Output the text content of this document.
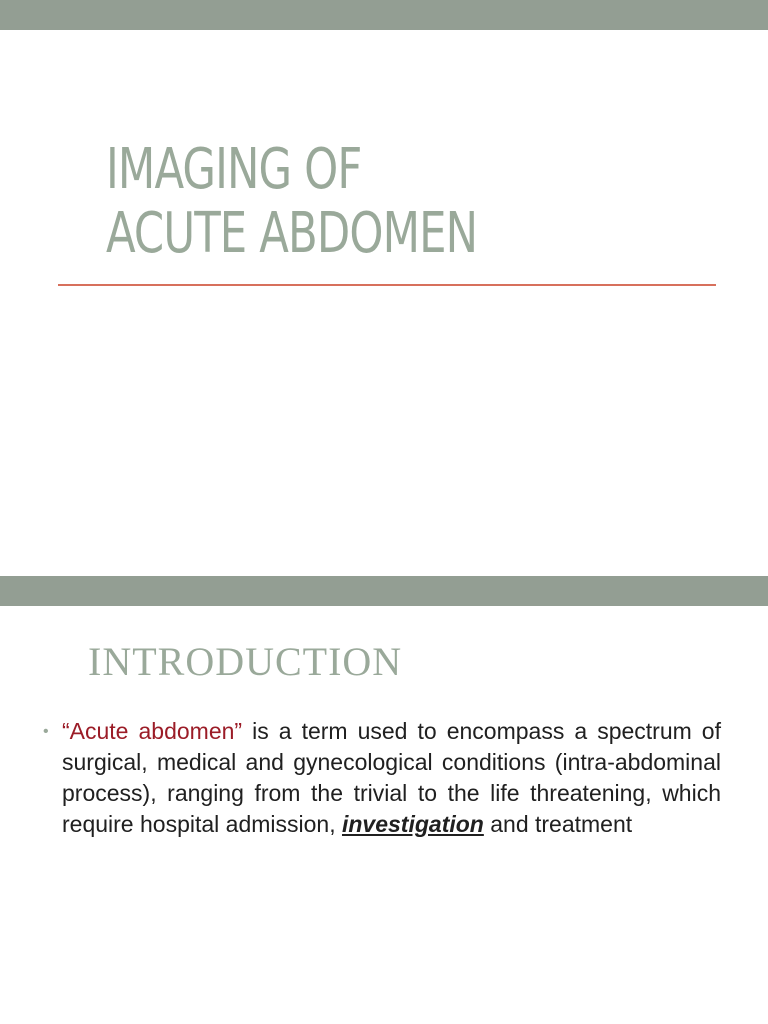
IMAGING OF
ACUTE ABDOMEN
INTRODUCTION
• “Acute abdomen” is a term used to encompass a spectrum of surgical, medical and gynecological conditions (intra-abdominal process), ranging from the trivial to the life threatening, which require hospital admission, investigation and treatment
